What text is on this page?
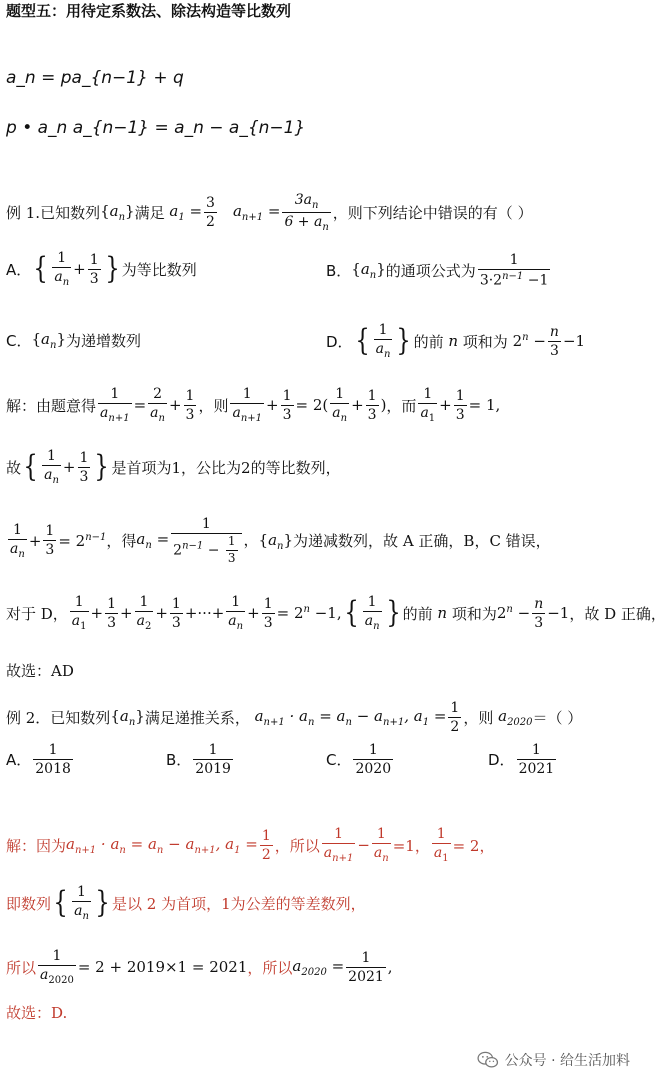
题型五：用待定系数法、除法构造等比数列
a_n = pa_{n−1} + q
p • a_n a_{n−1} = a_n − a_{n−1}
例 1.已知数列 $\{a_n\}$ 满足 $a_1 = \frac{3}{2} a_{n+1} = \frac{3a_n}{6 + a_n}$ ，则下列结论中错误的有（ ）
A． { $\frac{1}{a_n} + \frac{1}{3}$ } 为等比数列	B． $\{a_n\}$ 的通项公式为 $\frac{1}{3\cdot 2^{n-1} -1}$
C． $\{a_n\}$ 为递增数列	D． { $\frac{1}{a_n}$ } 的前 n 项和为 $2^n - \frac{n}{3} -1$
解：由题意得 $\frac{1}{a_{n+1}} = \frac{2}{a_n} + \frac{1}{3}$ ，则 $\frac{1}{a_{n+1}} + \frac{1}{3} = 2( \frac{1}{a_n} + \frac{1}{3}$ ) ，而 $\frac{1}{a_1} + \frac{1}{3} = 1$,
故 { $\frac{1}{a_n} + \frac{1}{3}$ } 是首项为1，公比为2的等比数列，
$\frac{1}{a_n} + \frac{1}{3} = 2^{n-1}$ ，得 $a_n = \frac{1}{2^{n-1} - \frac{1}{3}}$ ，$\{a_n\}$ 为递减数列，故 A 正确，B，C 错误，
对于 D， $\frac{1}{a_1} + \frac{1}{3} + \frac{1}{a_2} + \frac{1}{3}$ +···+ $\frac{1}{a_n} + \frac{1}{3} = 2^n -1$, { $\frac{1}{a_n}$ } 的前 n 项和为 $2^n - \frac{n}{3} -1$ ，故 D 正确，
故选：AD
例 2．已知数列 $\{a_n\}$ 满足递推关系， $a_{n+1} \cdot a_n = a_n - a_{n+1}$, $a_1 = \frac{1}{2}$ ，则 $a_{2020}$ ＝（ ）
A． $\frac{1}{2018}$	B． $\frac{1}{2019}$	C． $\frac{1}{2020}$	D． $\frac{1}{2021}$
解：因为 $a_{n+1} \cdot a_n = a_n - a_{n+1}$, $a_1 = \frac{1}{2}$ ，所以 $\frac{1}{a_{n+1}} - \frac{1}{a_n} =1$， $\frac{1}{a_1} = 2$，
即数列 { $\frac{1}{a_n}$ } 是以 2 为首项，1为公差的等差数列，
所以 $\frac{1}{a_{2020}} = 2 + 2019\times 1 = 2021$ ，所以 $a_{2020} = \frac{1}{2021}$ ,
故选：D.
公众号 · 给生活加料
